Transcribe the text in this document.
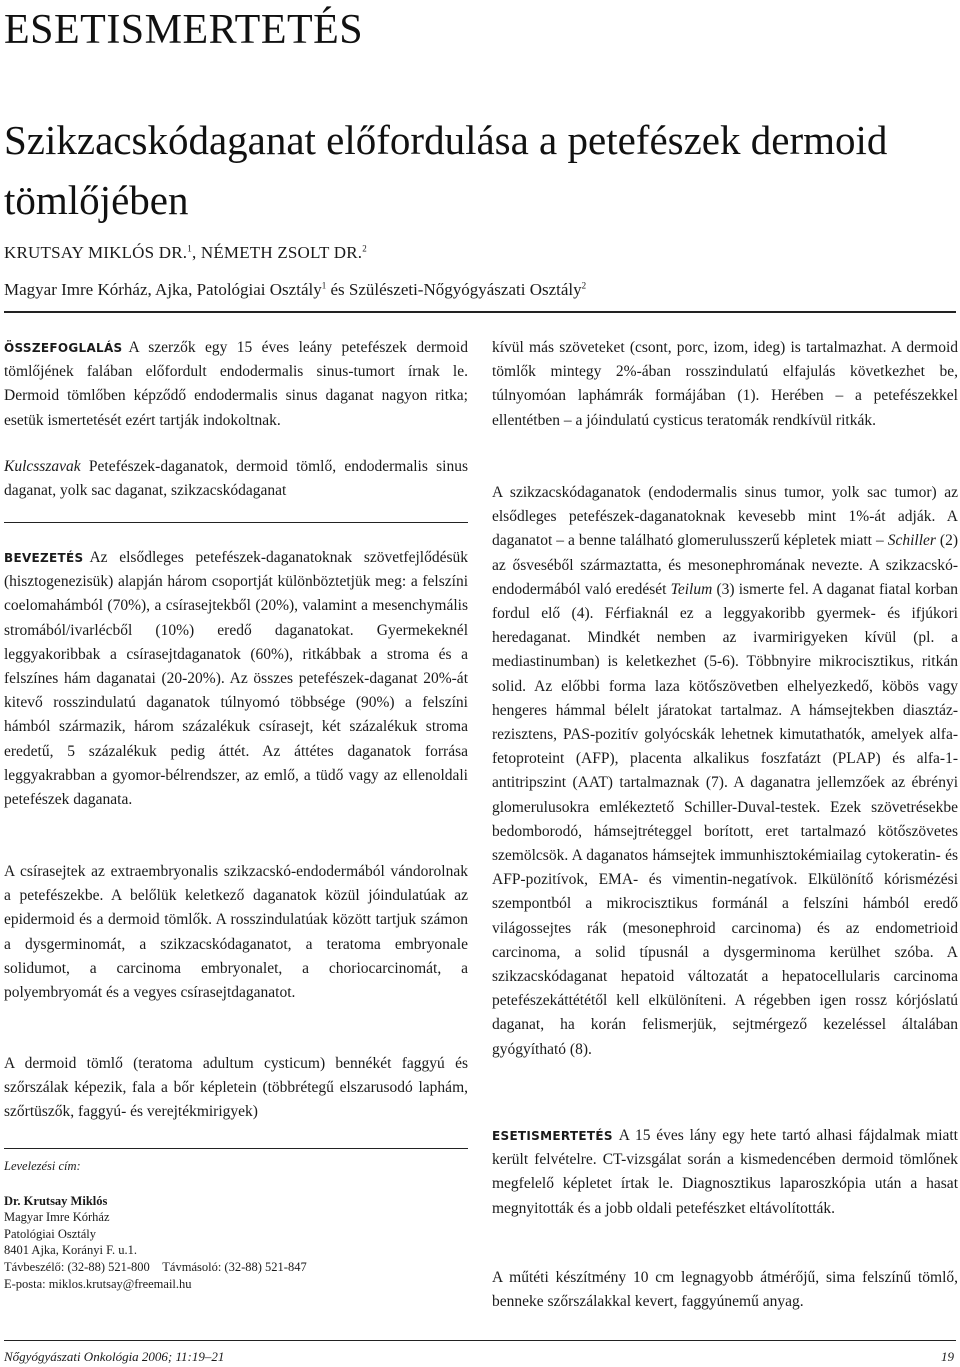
ESETISMERTETÉS
Szikzacskódaganat előfordulása a petefészek dermoid tömlőjében
KRUTSAY MIKLÓS DR.$^1$, NÉMETH ZSOLT DR.$^2$
Magyar Imre Kórház, Ajka, Patológiai Osztály$^1$ és Szülészeti-Nőgyógyászati Osztály$^2$

ÖSSZEFOGLALÁS A szerzők egy 15 éves leány petefészek dermoid tömlőjének falában előfordult endodermalis sinus-tumort írnak le. Dermoid tömlőben képződő endodermalis sinus daganat nagyon ritka; esetük ismertetését ezért tartják indokoltnak.

Kulcsszavak Petefészek-daganatok, dermoid tömlő, endodermalis sinus daganat, yolk sac daganat, szikzacskódaganat

BEVEZETÉS Az elsődleges petefészek-daganatoknak szövetfejlődésük (hisztogenezisük) alapján három csoportját különböztetjük meg: a felszíni coelomahámból (70%), a csírasejtekből (20%), valamint a mesenchymális stromából/ivarlécből (10%) eredő daganatokat. Gyermekeknél leggyakoribbak a csírasejtdaganatok (60%), ritkábbak a stroma és a felszínes hám daganatai (20-20%). Az összes petefészek-daganat 20%-át kitevő rosszindulatú daganatok túlnyomó többsége (90%) a felszíni hámból származik, három százalékuk csírasejt, két százalékuk stroma eredetű, 5 százalékuk pedig áttét. Az áttétes daganatok forrása leggyakrabban a gyomor-bélrendszer, az emlő, a tüdő vagy az ellenoldali petefészek daganata.

A csírasejtek az extraembryonalis szikzacskó-endodermából vándorolnak a petefészekbe. A belőlük keletkező daganatok közül jóindulatúak az epidermoid és a dermoid tömlők. A rosszindulatúak között tartjuk számon a dysgerminomát, a szikzacskódaganatot, a teratoma embryonale solidumot, a carcinoma embryonalet, a choriocarcinomát, a polyembryomát és a vegyes csírasejtdaganatot.

A dermoid tömlő (teratoma adultum cysticum) bennékét faggyú és szőrszálak képezik, fala a bőr képletein (többrétegű elszarusodó laphám, szőrtüszők, faggyú- és verejtékmirigyek)

Levelezési cím:
Dr. Krutsay Miklós
Magyar Imre Kórház
Patológiai Osztály
8401 Ajka, Korányi F. u.1.
Távbeszélő: (32-88) 521-800 Távmásoló: (32-88) 521-847
E-posta: miklos.krutsay@freemail.hu

kívül más szöveteket (csont, porc, izom, ideg) is tartalmazhat. A dermoid tömlők mintegy 2%-ában rosszindulatú elfajulás következhet be, túlnyomóan laphámrák formájában (1). Herében – a petefészekkel ellentétben – a jóindulatú cysticus teratomák rendkívül ritkák.

A szikzacskódaganatok (endodermalis sinus tumor, yolk sac tumor) az elsődleges petefészek-daganatoknak kevesebb mint 1%-át adják. A daganatot – a benne található glomerulusszerű képletek miatt – Schiller (2) az ősveséből származtatta, és mesonephromának nevezte. A szikzacskó-endodermából való eredését Teilum (3) ismerte fel. A daganat fiatal korban fordul elő (4). Férfiaknál ez a leggyakoribb gyermek- és ifjúkori heredaganat. Mindkét nemben az ivarmirigyeken kívül (pl. a mediastinumban) is keletkezhet (5-6). Többnyire mikrocisztikus, ritkán solid. Az előbbi forma laza kötőszövetben elhelyezkedő, köbös vagy hengeres hámmal bélelt járatokat tartalmaz. A hámsejtekben diasztáz-rezisztens, PAS-pozitív golyócskák lehetnek kimutathatók, amelyek alfa-fetoproteint (AFP), placenta alkalikus foszfatázt (PLAP) és alfa-1-antitripszint (AAT) tartalmaznak (7). A daganatra jellemzőek az ébrényi glomerulusokra emlékeztető Schiller-Duval-testek. Ezek szövetrésekbe bedomborodó, hámsejtréteggel borított, eret tartalmazó kötőszövetes szemölcsök. A daganatos hámsejtek immunhisztokémiailag cytokeratin- és AFP-pozitívok, EMA- és vimentin-negatívok. Elkülönítő kórismézési szempontból a mikrocisztikus formánál a felszíni hámból eredő világossejtes rák (mesonephroid carcinoma) és az endometrioid carcinoma, a solid típusnál a dysgerminoma kerülhet szóba. A szikzacskódaganat hepatoid változatát a hepatocellularis carcinoma petefészekáttététől kell elkülöníteni. A régebben igen rossz kórjóslatú daganat, ha korán felismerjük, sejtmérgező kezeléssel általában gyógyítható (8).

ESETISMERTETÉS A 15 éves lány egy hete tartó alhasi fájdalmak miatt került felvételre. CT-vizsgálat során a kismedencében dermoid tömlőnek megfelelő képletet írtak le. Diagnosztikus laparoszkópia után a hasat megnyitották és a jobb oldali petefészket eltávolították.

A műtéti készítmény 10 cm legnagyobb átmérőjű, sima felszínű tömlő, benneke szőrszálakkal kevert, faggyúnemű anyag.

Nőgyógyászati Onkológia 2006; 11:19–21	19
